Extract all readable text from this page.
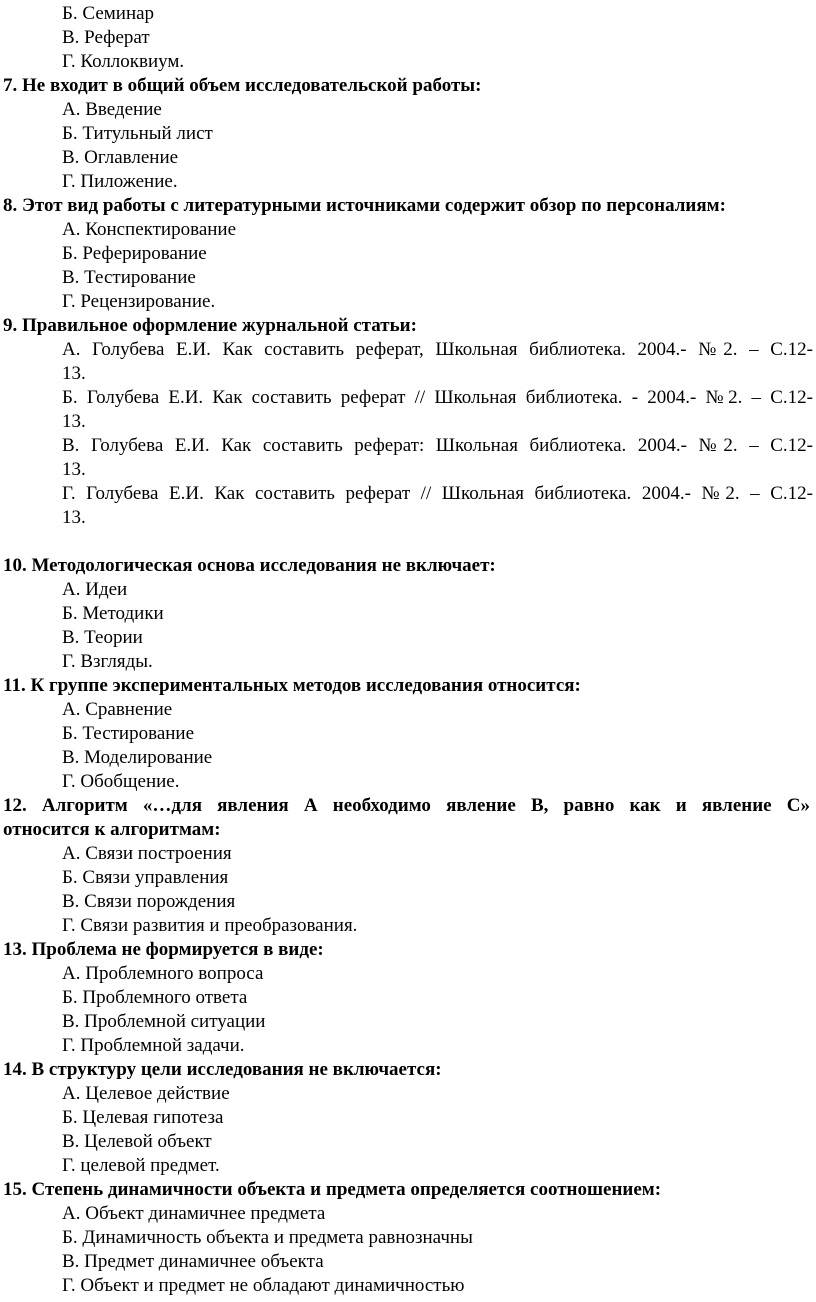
Б. Семинар
В. Реферат
Г. Коллоквиум.
7. Не входит в общий объем исследовательской работы:
А. Введение
Б. Титульный лист
В. Оглавление
Г. Пиложение.
8. Этот вид работы с литературными источниками содержит обзор по персоналиям:
А. Конспектирование
Б. Реферирование
В. Тестирование
Г. Рецензирование.
9. Правильное оформление журнальной статьи:
А. Голубева Е.И. Как составить реферат, Школьная библиотека. 2004.- №2. – С.12-
13.
Б. Голубева Е.И. Как составить реферат // Школьная библиотека. - 2004.- №2. – С.12-
13.
В. Голубева Е.И. Как составить реферат: Школьная библиотека. 2004.- №2. – С.12-
13.
Г. Голубева Е.И. Как составить реферат // Школьная библиотека. 2004.- №2. – С.12-
13.
10. Методологическая основа исследования не включает:
А. Идеи
Б. Методики
В. Теории
Г. Взгляды.
11. К группе экспериментальных методов исследования относится:
А. Сравнение
Б. Тестирование
В. Моделирование
Г. Обобщение.
12. Алгоритм «…для явления А необходимо явление В, равно как и явление С»
относится к алгоритмам:
А. Связи построения
Б. Связи управления
В. Связи порождения
Г. Связи развития и преобразования.
13. Проблема не формируется в виде:
А. Проблемного вопроса
Б. Проблемного ответа
В. Проблемной ситуации
Г. Проблемной задачи.
14. В структуру цели исследования не включается:
А. Целевое действие
Б. Целевая гипотеза
В. Целевой объект
Г. целевой предмет.
15. Степень динамичности объекта и предмета определяется соотношением:
А. Объект динамичнее предмета
Б. Динамичность объекта и предмета равнозначны
В. Предмет динамичнее объекта
Г. Объект и предмет не обладают динамичностью
